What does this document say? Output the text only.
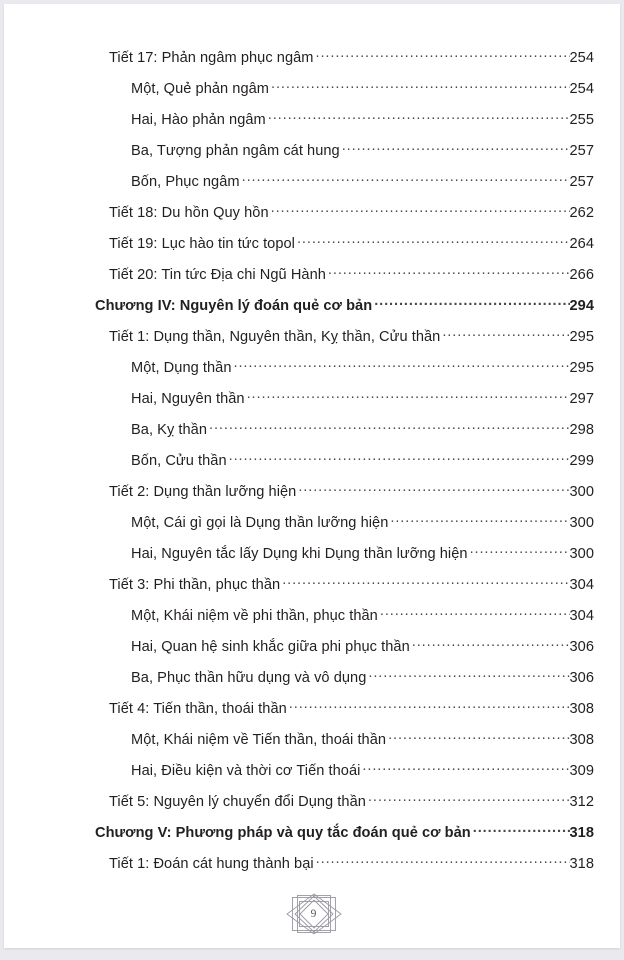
Tiết 17: Phản ngâm phục ngâm .....	254
Một, Quẻ phản ngâm .....	254
Hai, Hào phản ngâm .....	255
Ba, Tượng phản ngâm cát hung .....	257
Bốn, Phục ngâm .....	257
Tiết 18: Du hồn Quy hồn .....	262
Tiết 19: Lục hào tin tức topol .....	264
Tiết 20: Tin tức Địa chi Ngũ Hành .....	266
Chương IV: Nguyên lý đoán quẻ cơ bản .....	294
Tiết 1: Dụng thần, Nguyên thần, Kỵ thần, Cửu thần .....	295
Một, Dụng thần .....	295
Hai, Nguyên thần .....	297
Ba, Kỵ thần .....	298
Bốn, Cửu thần .....	299
Tiết 2: Dụng thần lưỡng hiện .....	300
Một, Cái gì gọi là Dụng thần lưỡng hiện .....	300
Hai, Nguyên tắc lấy Dụng khi Dụng thần lưỡng hiện .....	300
Tiết 3: Phi thần, phục thần .....	304
Một, Khái niệm về phi thần, phục thần .....	304
Hai, Quan hệ sinh khắc giữa phi phục thần .....	306
Ba, Phục thần hữu dụng và vô dụng .....	306
Tiết 4: Tiến thần, thoái thần .....	308
Một, Khái niệm về Tiến thần, thoái thần .....	308
Hai, Điều kiện và thời cơ Tiến thoái .....	309
Tiết 5: Nguyên lý chuyển đổi Dụng thần .....	312
Chương V: Phương pháp và quy tắc đoán quẻ cơ bản .....	318
Tiết 1: Đoán cát hung thành bại .....	318
9
